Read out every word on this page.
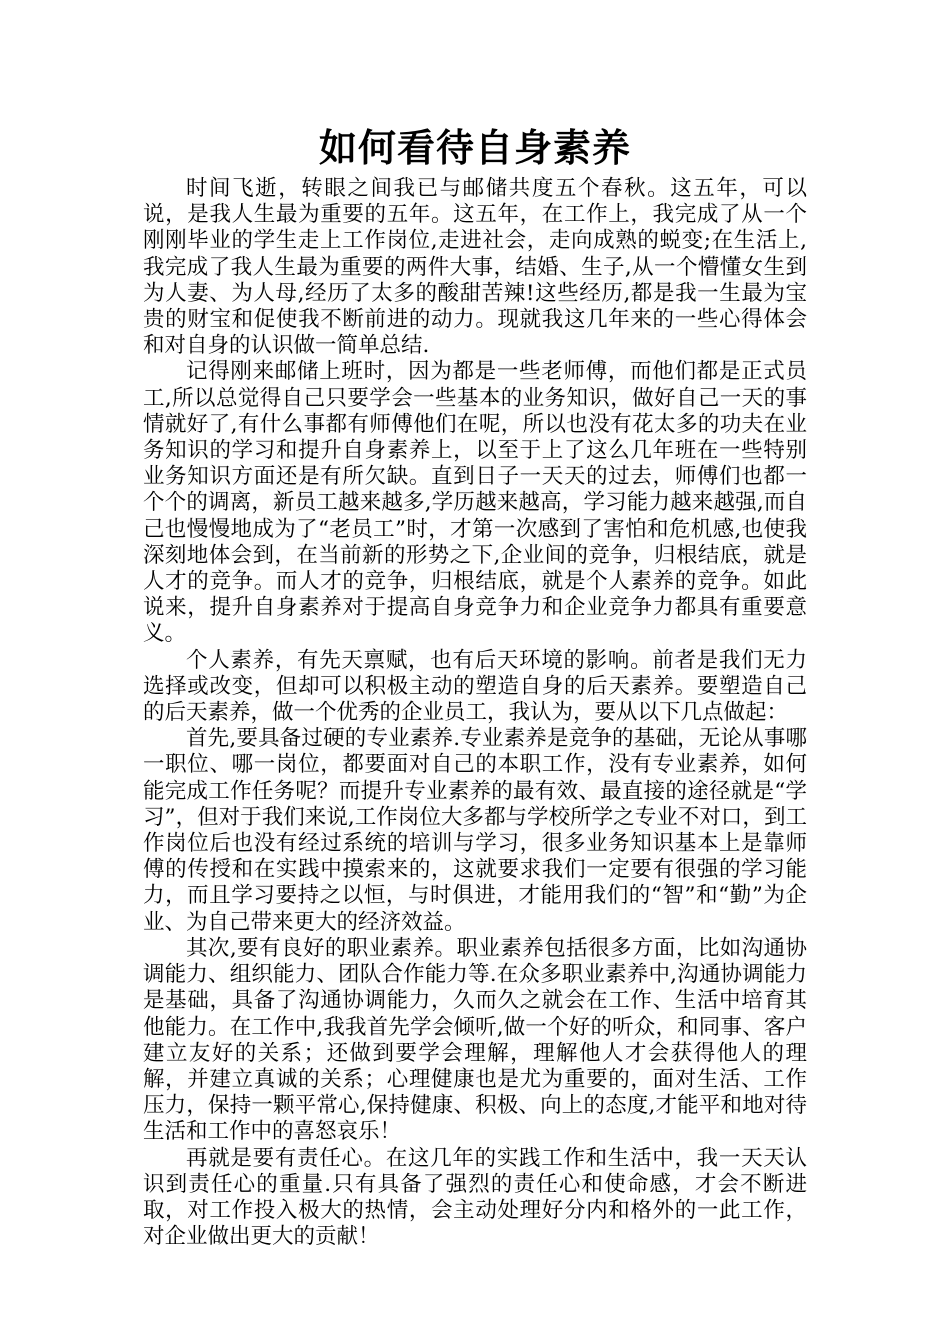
如何看待自身素养

时间飞逝，转眼之间我已与邮储共度五个春秋。这五年，可以说，是我人生最为重要的五年。这五年，在工作上，我完成了从一个刚刚毕业的学生走上工作岗位,走进社会，走向成熟的蜕变;在生活上,我完成了我人生最为重要的两件大事，结婚、生子,从一个懵懂女生到为人妻、为人母,经历了太多的酸甜苦辣!这些经历,都是我一生最为宝贵的财宝和促使我不断前进的动力。现就我这几年来的一些心得体会和对自身的认识做一简单总结.

记得刚来邮储上班时，因为都是一些老师傅，而他们都是正式员工,所以总觉得自己只要学会一些基本的业务知识，做好自己一天的事情就好了,有什么事都有师傅他们在呢，所以也没有花太多的功夫在业务知识的学习和提升自身素养上，以至于上了这么几年班在一些特别业务知识方面还是有所欠缺。直到日子一天天的过去，师傅们也都一个个的调离，新员工越来越多,学历越来越高，学习能力越来越强,而自己也慢慢地成为了“老员工”时，才第一次感到了害怕和危机感,也使我深刻地体会到，在当前新的形势之下,企业间的竞争，归根结底，就是人才的竞争。而人才的竞争，归根结底，就是个人素养的竞争。如此说来，提升自身素养对于提高自身竞争力和企业竞争力都具有重要意义。

个人素养，有先天禀赋，也有后天环境的影响。前者是我们无力选择或改变，但却可以积极主动的塑造自身的后天素养。要塑造自己的后天素养，做一个优秀的企业员工，我认为，要从以下几点做起：

首先,要具备过硬的专业素养.专业素养是竞争的基础，无论从事哪一职位、哪一岗位，都要面对自己的本职工作，没有专业素养，如何能完成工作任务呢？而提升专业素养的最有效、最直接的途径就是“学习”，但对于我们来说,工作岗位大多都与学校所学之专业不对口，到工作岗位后也没有经过系统的培训与学习，很多业务知识基本上是靠师傅的传授和在实践中摸索来的，这就要求我们一定要有很强的学习能力，而且学习要持之以恒，与时俱进，才能用我们的“智”和“勤”为企业、为自己带来更大的经济效益。

其次,要有良好的职业素养。职业素养包括很多方面，比如沟通协调能力、组织能力、团队合作能力等.在众多职业素养中,沟通协调能力是基础，具备了沟通协调能力，久而久之就会在工作、生活中培育其他能力。在工作中,我我首先学会倾听,做一个好的听众，和同事、客户建立友好的关系；还做到要学会理解，理解他人才会获得他人的理解，并建立真诚的关系；心理健康也是尤为重要的，面对生活、工作压力，保持一颗平常心,保持健康、积极、向上的态度,才能平和地对待生活和工作中的喜怒哀乐！

再就是要有责任心。在这几年的实践工作和生活中，我一天天认识到责任心的重量.只有具备了强烈的责任心和使命感，才会不断进取，对工作投入极大的热情，会主动处理好分内和格外的一此工作，对企业做出更大的贡献！
